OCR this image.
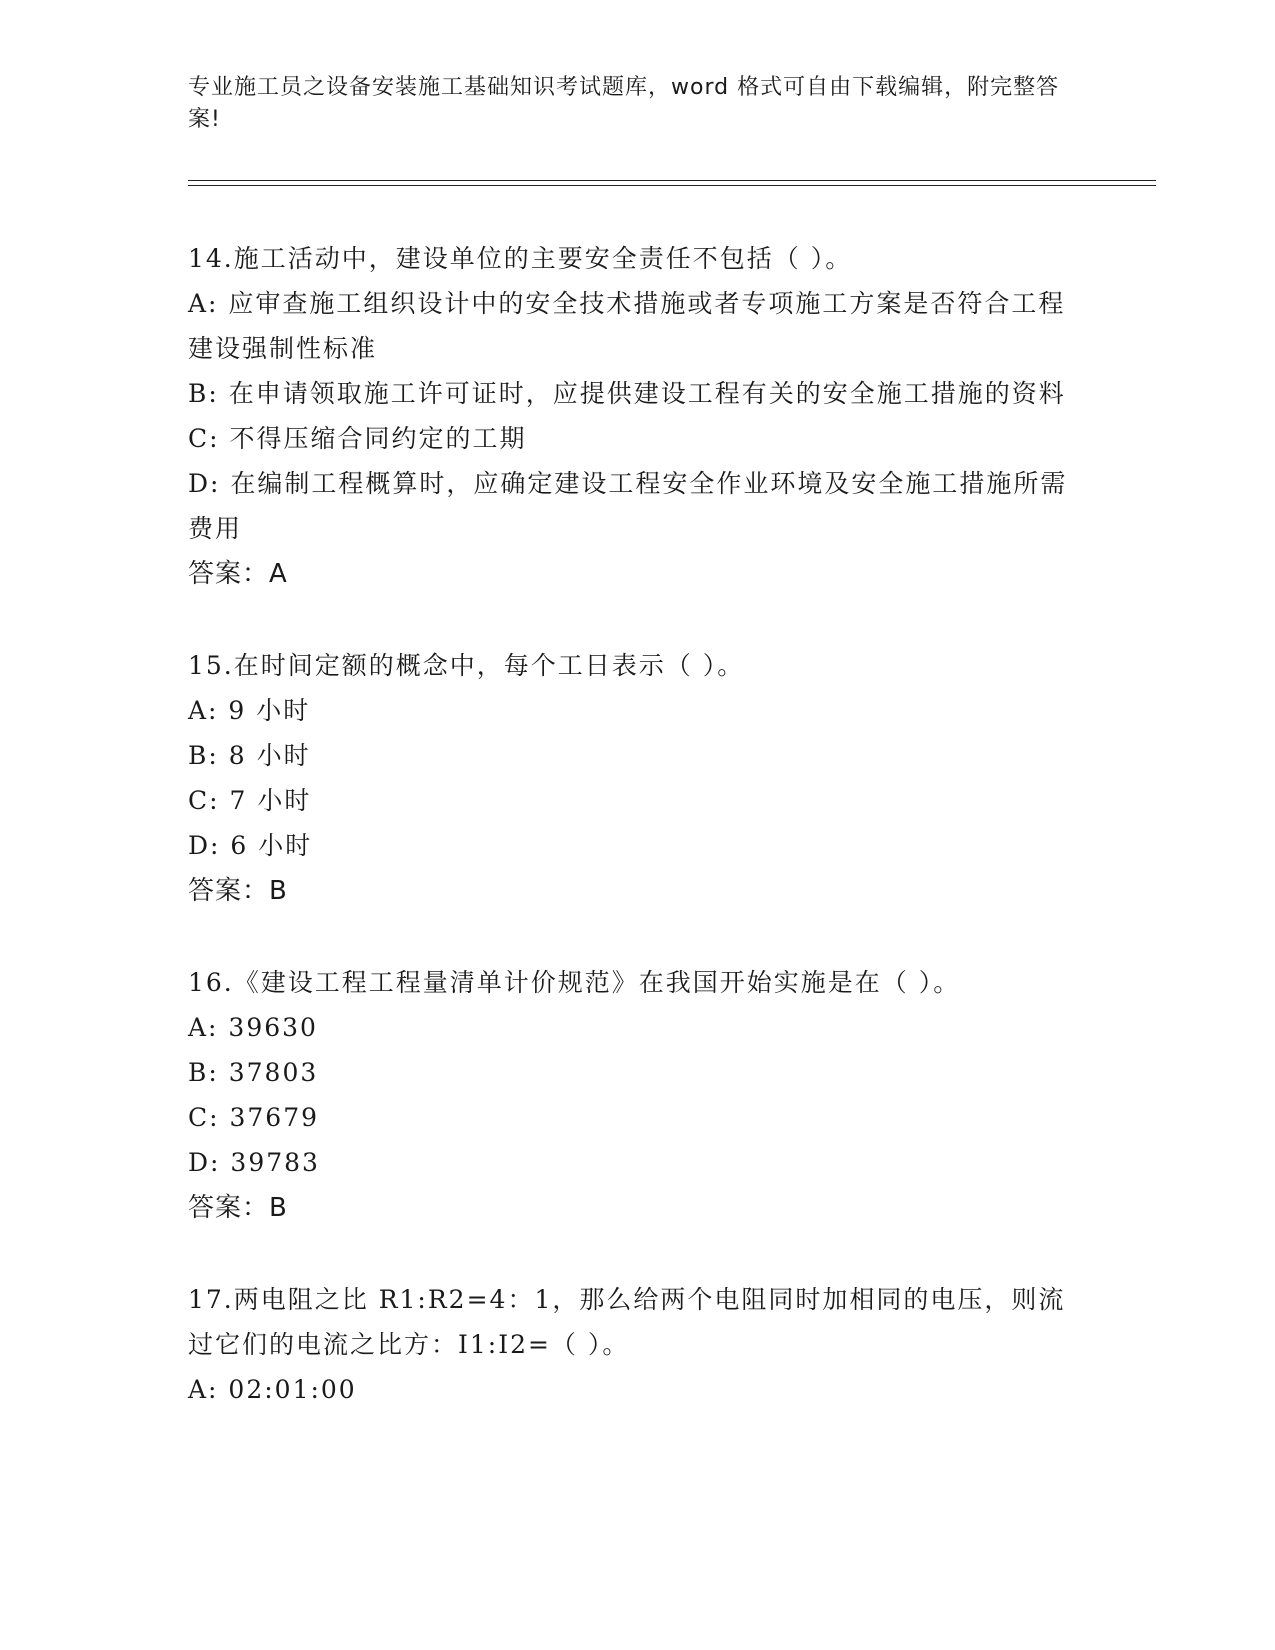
专业施工员之设备安装施工基础知识考试题库，word 格式可自由下载编辑，附完整答案!
14.施工活动中，建设单位的主要安全责任不包括（ ）。
A: 应审查施工组织设计中的安全技术措施或者专项施工方案是否符合工程建设强制性标准
B: 在申请领取施工许可证时，应提供建设工程有关的安全施工措施的资料
C: 不得压缩合同约定的工期
D: 在编制工程概算时，应确定建设工程安全作业环境及安全施工措施所需费用
答案：A
15.在时间定额的概念中，每个工日表示（ ）。
A: 9 小时
B: 8 小时
C: 7 小时
D: 6 小时
答案：B
16.《建设工程工程量清单计价规范》在我国开始实施是在（ ）。
A: 39630
B: 37803
C: 37679
D: 39783
答案：B
17.两电阻之比 R1:R2=4：1，那么给两个电阻同时加相同的电压，则流过它们的电流之比方：I1:I2=（ ）。
A: 02:01:00
